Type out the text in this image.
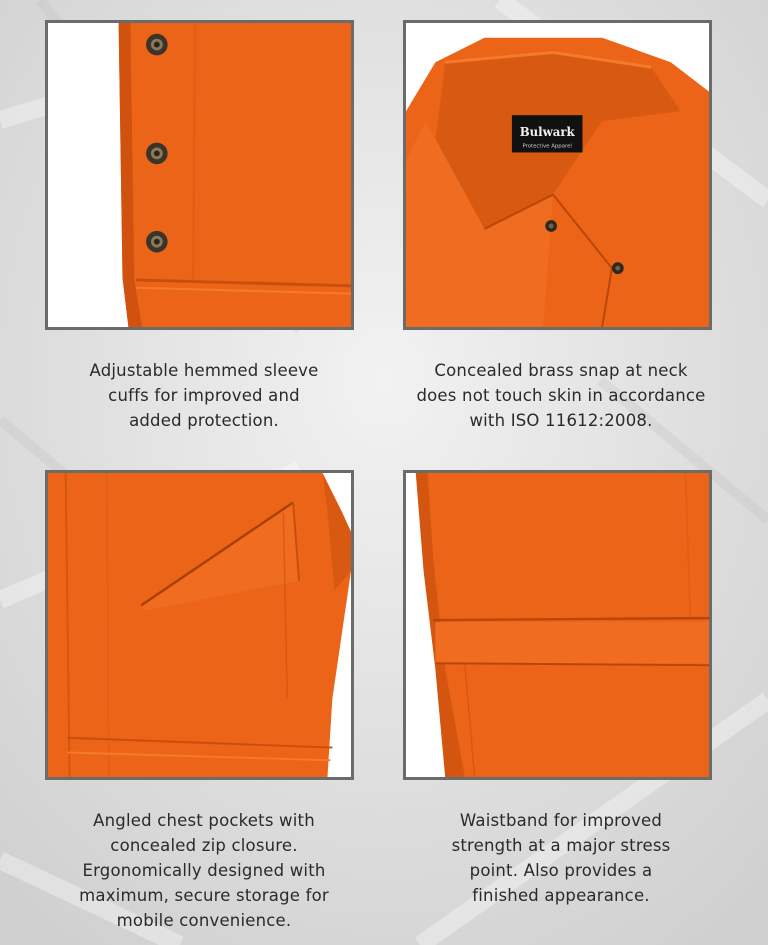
Bulwark
Protective Apparel
Adjustable hemmed sleeve
cuffs for improved and
added protection.
Concealed brass snap at neck
does not touch skin in accordance
with ISO 11612:2008.
Angled chest pockets with
concealed zip closure.
Ergonomically designed with
maximum, secure storage for
mobile convenience.
Waistband for improved
strength at a major stress
point. Also provides a
finished appearance.
